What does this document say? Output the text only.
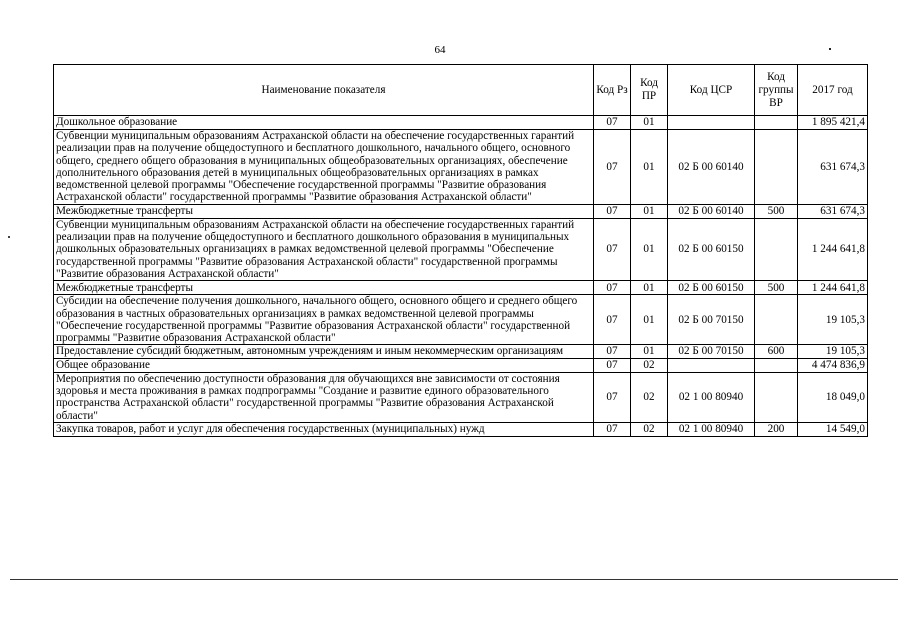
64
Наименование показателя	Код Рз	Код ПР	Код ЦСР	Код группы ВР	2017 год
Дошкольное образование	07	01			1 895 421,4
Субвенции муниципальным образованиям Астраханской области на обеспечение государственных гарантий реализации прав на получение общедоступного и бесплатного дошкольного, начального общего, основного общего, среднего общего образования в муниципальных общеобразовательных организациях, обеспечение дополнительного образования детей в муниципальных общеобразовательных организациях в рамках ведомственной целевой программы "Обеспечение государственной программы "Развитие образования Астраханской области" государственной программы "Развитие образования Астраханской области"	07	01	02 Б 00 60140		631 674,3
Межбюджетные трансферты	07	01	02 Б 00 60140	500	631 674,3
Субвенции муниципальным образованиям Астраханской области на обеспечение государственных гарантий реализации прав на получение общедоступного и бесплатного дошкольного образования в муниципальных дошкольных образовательных организациях в рамках ведомственной целевой программы "Обеспечение государственной программы "Развитие образования Астраханской области" государственной программы "Развитие образования Астраханской области"	07	01	02 Б 00 60150		1 244 641,8
Межбюджетные трансферты	07	01	02 Б 00 60150	500	1 244 641,8
Субсидии на обеспечение получения дошкольного, начального общего, основного общего и среднего общего образования в частных образовательных организациях в рамках ведомственной целевой программы "Обеспечение государственной программы "Развитие образования Астраханской области" государственной программы "Развитие образования Астраханской области"	07	01	02 Б 00 70150		19 105,3
Предоставление субсидий бюджетным, автономным учреждениям и иным некоммерческим организациям	07	01	02 Б 00 70150	600	19 105,3
Общее образование	07	02			4 474 836,9
Мероприятия по обеспечению доступности образования для обучающихся вне зависимости от состояния здоровья и места проживания в рамках подпрограммы "Создание и развитие единого образовательного пространства Астраханской области" государственной программы "Развитие образования Астраханской области"	07	02	02 1 00 80940		18 049,0
Закупка товаров, работ и услуг для обеспечения государственных (муниципальных) нужд	07	02	02 1 00 80940	200	14 549,0
